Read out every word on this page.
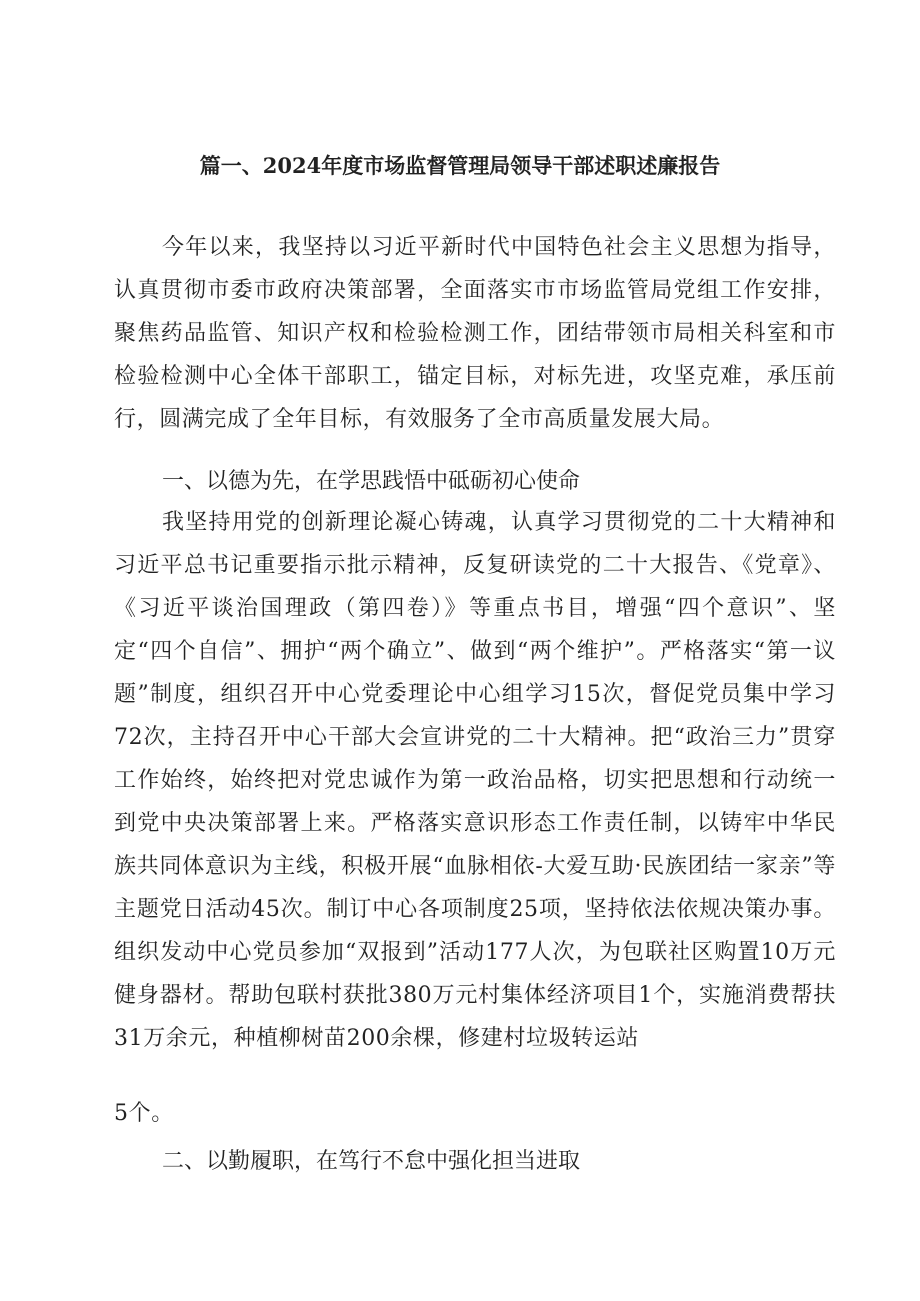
篇一、2024年度市场监督管理局领导干部述职述廉报告

今年以来，我坚持以习近平新时代中国特色社会主义思想为指导，认真贯彻市委市政府决策部署，全面落实市市场监管局党组工作安排，聚焦药品监管、知识产权和检验检测工作，团结带领市局相关科室和市检验检测中心全体干部职工，锚定目标，对标先进，攻坚克难，承压前行，圆满完成了全年目标，有效服务了全市高质量发展大局。

一、以德为先，在学思践悟中砥砺初心使命

我坚持用党的创新理论凝心铸魂，认真学习贯彻党的二十大精神和习近平总书记重要指示批示精神，反复研读党的二十大报告、《党章》、《习近平谈治国理政（第四卷）》等重点书目，增强“四个意识”、坚定“四个自信”、拥护“两个确立”、做到“两个维护”。严格落实“第一议题”制度，组织召开中心党委理论中心组学习15次，督促党员集中学习72次，主持召开中心干部大会宣讲党的二十大精神。把“政治三力”贯穿工作始终，始终把对党忠诚作为第一政治品格，切实把思想和行动统一到党中央决策部署上来。严格落实意识形态工作责任制，以铸牢中华民族共同体意识为主线，积极开展“血脉相依-大爱互助·民族团结一家亲”等主题党日活动45次。制订中心各项制度25项，坚持依法依规决策办事。组织发动中心党员参加“双报到”活动177人次，为包联社区购置10万元健身器材。帮助包联村获批380万元村集体经济项目1个，实施消费帮扶31万余元，种植柳树苗200余棵，修建村垃圾转运站

5个。

二、以勤履职，在笃行不怠中强化担当进取
